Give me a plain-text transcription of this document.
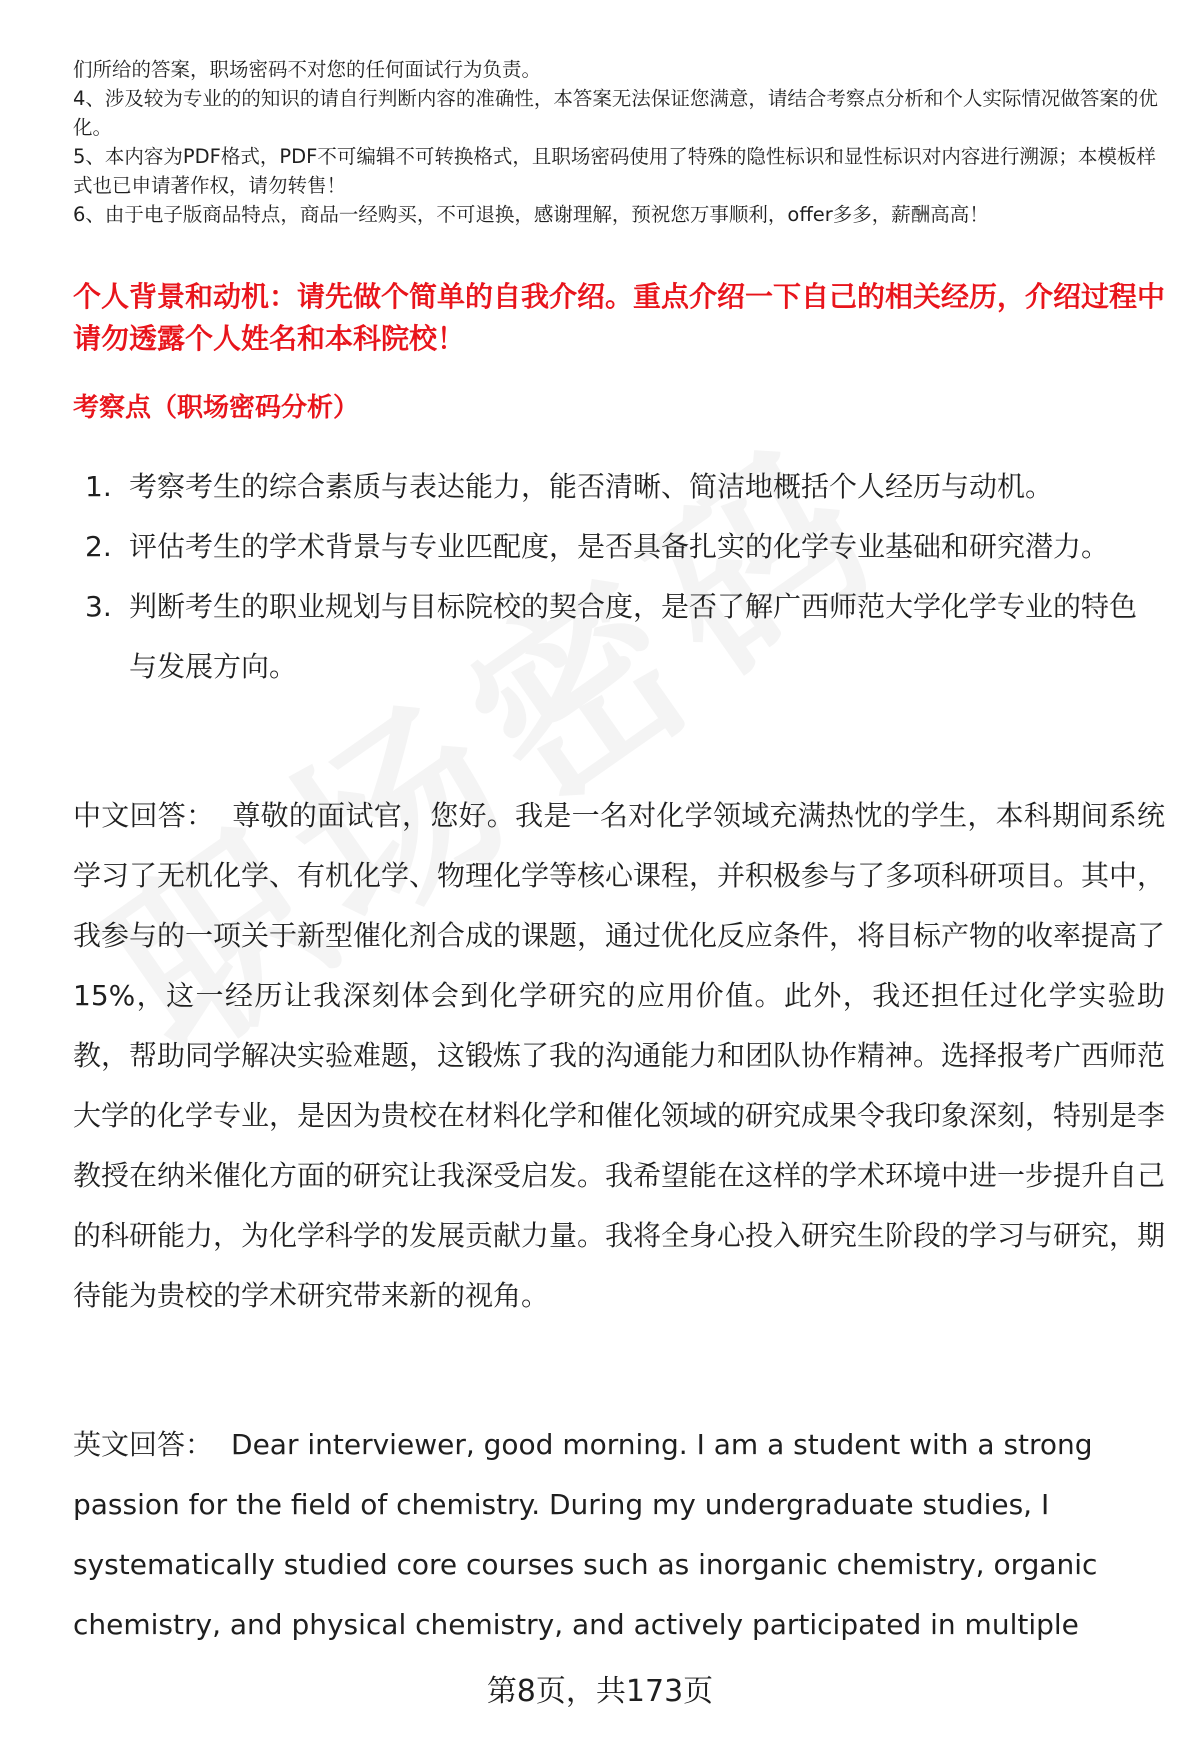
们所给的答案，职场密码不对您的任何面试行为负责。

4、涉及较为专业的的知识的请自行判断内容的准确性，本答案无法保证您满意，请结合考察点分析和个人实际情况做答案的优化。

5、本内容为PDF格式，PDF不可编辑不可转换格式，且职场密码使用了特殊的隐性标识和显性标识对内容进行溯源；本模板样式也已申请著作权，请勿转售！

6、由于电子版商品特点，商品一经购买，不可退换，感谢理解，预祝您万事顺利，offer多多，薪酬高高！

个人背景和动机：请先做个简单的自我介绍。重点介绍一下自己的相关经历，介绍过程中请勿透露个人姓名和本科院校！
考察点（职场密码分析）
1. 考察考生的综合素质与表达能力，能否清晰、简洁地概括个人经历与动机。
2. 评估考生的学术背景与专业匹配度，是否具备扎实的化学专业基础和研究潜力。
3. 判断考生的职业规划与目标院校的契合度，是否了解广西师范大学化学专业的特色与发展方向。

中文回答： 尊敬的面试官，您好。我是一名对化学领域充满热忱的学生，本科期间系统学习了无机化学、有机化学、物理化学等核心课程，并积极参与了多项科研项目。其中，我参与的一项关于新型催化剂合成的课题，通过优化反应条件，将目标产物的收率提高了15%，这一经历让我深刻体会到化学研究的应用价值。此外，我还担任过化学实验助教，帮助同学解决实验难题，这锻炼了我的沟通能力和团队协作精神。选择报考广西师范大学的化学专业，是因为贵校在材料化学和催化领域的研究成果令我印象深刻，特别是李教授在纳米催化方面的研究让我深受启发。我希望能在这样的学术环境中进一步提升自己的科研能力，为化学科学的发展贡献力量。我将全身心投入研究生阶段的学习与研究，期待能为贵校的学术研究带来新的视角。

英文回答： Dear interviewer, good morning. I am a student with a strong passion for the field of chemistry. During my undergraduate studies, I systematically studied core courses such as inorganic chemistry, organic chemistry, and physical chemistry, and actively participated in multiple

第8页，共173页
